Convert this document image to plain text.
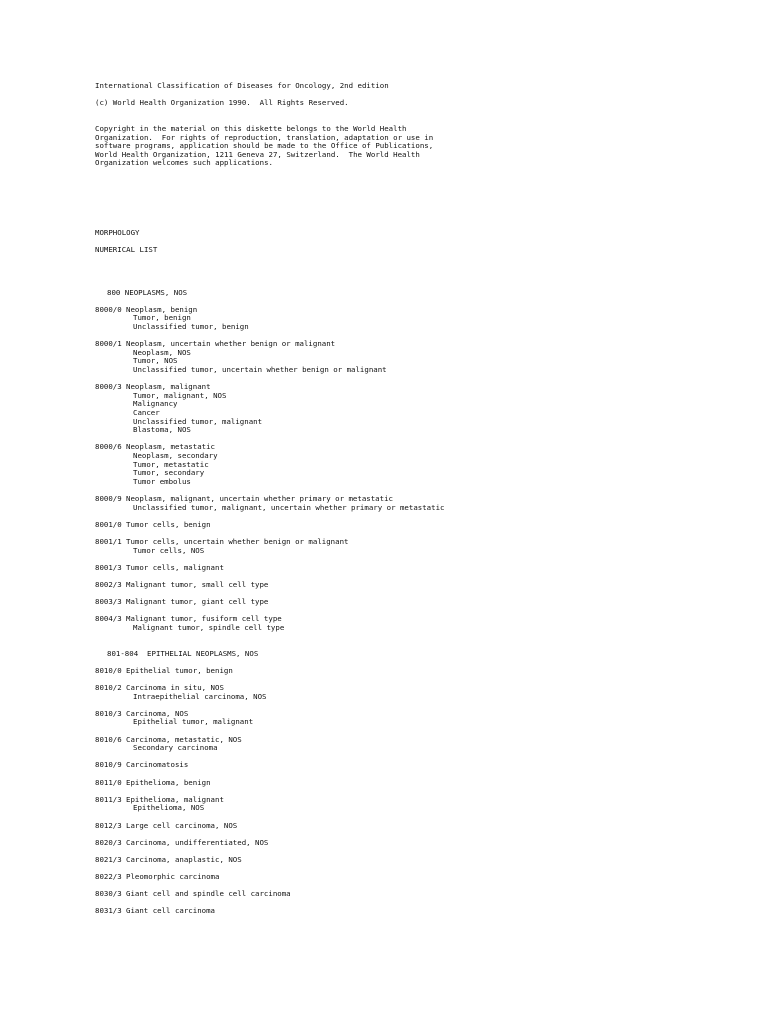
International Classification of Diseases for Oncology, 2nd edition
(c) World Health Organization 1990.  All Rights Reserved.
Copyright in the material on this diskette belongs to the World Health
Organization.  For rights of reproduction, translation, adaptation or use in
software programs, application should be made to the Office of Publications,
World Health Organization, 1211 Geneva 27, Switzerland.  The World Health
Organization welcomes such applications.
MORPHOLOGY
NUMERICAL LIST
800 NEOPLASMS, NOS
8000/0 Neoplasm, benign
Tumor, benign
Unclassified tumor, benign
8000/1 Neoplasm, uncertain whether benign or malignant
Neoplasm, NOS
Tumor, NOS
Unclassified tumor, uncertain whether benign or malignant
8000/3 Neoplasm, malignant
Tumor, malignant, NOS
Malignancy
Cancer
Unclassified tumor, malignant
Blastoma, NOS
8000/6 Neoplasm, metastatic
Neoplasm, secondary
Tumor, metastatic
Tumor, secondary
Tumor embolus
8000/9 Neoplasm, malignant, uncertain whether primary or metastatic
Unclassified tumor, malignant, uncertain whether primary or metastatic
8001/0 Tumor cells, benign
8001/1 Tumor cells, uncertain whether benign or malignant
Tumor cells, NOS
8001/3 Tumor cells, malignant
8002/3 Malignant tumor, small cell type
8003/3 Malignant tumor, giant cell type
8004/3 Malignant tumor, fusiform cell type
Malignant tumor, spindle cell type
801-804  EPITHELIAL NEOPLASMS, NOS
8010/0 Epithelial tumor, benign
8010/2 Carcinoma in situ, NOS
Intraepithelial carcinoma, NOS
8010/3 Carcinoma, NOS
Epithelial tumor, malignant
8010/6 Carcinoma, metastatic, NOS
Secondary carcinoma
8010/9 Carcinomatosis
8011/0 Epithelioma, benign
8011/3 Epithelioma, malignant
Epithelioma, NOS
8012/3 Large cell carcinoma, NOS
8020/3 Carcinoma, undifferentiated, NOS
8021/3 Carcinoma, anaplastic, NOS
8022/3 Pleomorphic carcinoma
8030/3 Giant cell and spindle cell carcinoma
8031/3 Giant cell carcinoma
